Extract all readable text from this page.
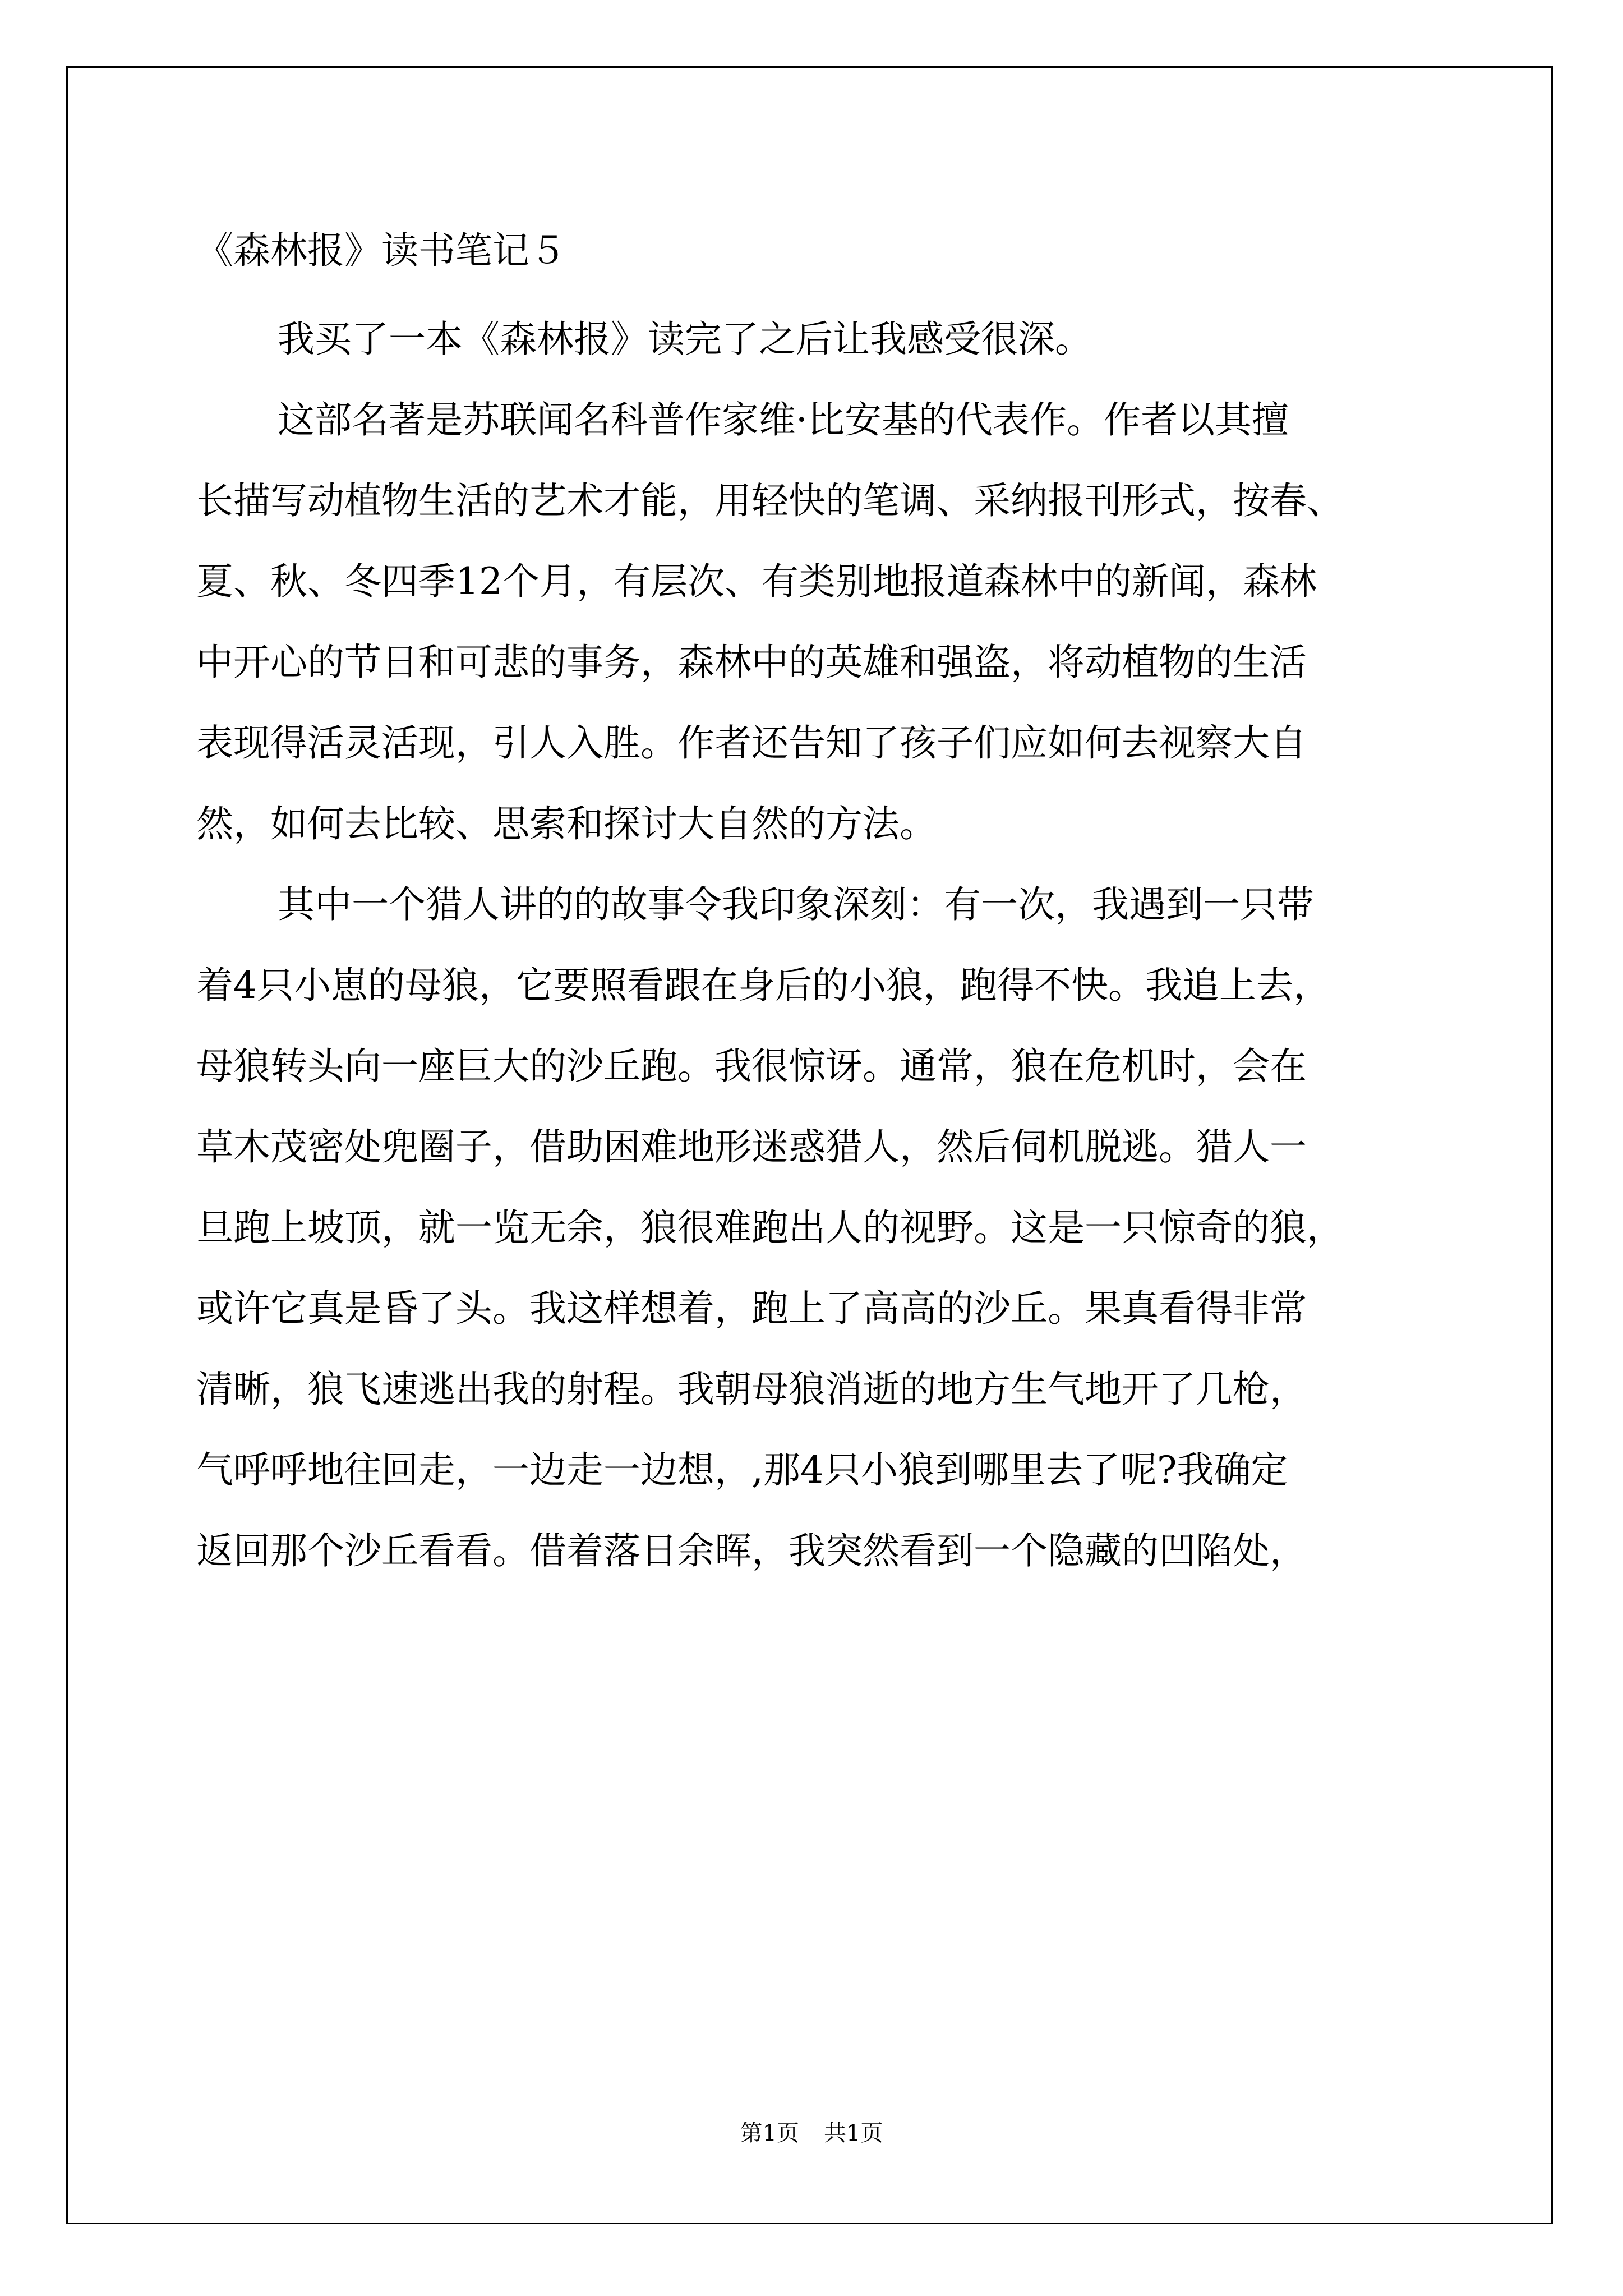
《森林报》读书笔记５
我买了一本《森林报》读完了之后让我感受很深。
这部名著是苏联闻名科普作家维·比安基的代表作。作者以其擅
长描写动植物生活的艺术才能，用轻快的笔调、采纳报刊形式，按春、
夏、秋、冬四季12个月，有层次、有类别地报道森林中的新闻，森林
中开心的节日和可悲的事务，森林中的英雄和强盗，将动植物的生活
表现得活灵活现，引人入胜。作者还告知了孩子们应如何去视察大自
然，如何去比较、思索和探讨大自然的方法。
其中一个猎人讲的的故事令我印象深刻：有一次，我遇到一只带
着4只小崽的母狼，它要照看跟在身后的小狼，跑得不快。我追上去，
母狼转头向一座巨大的沙丘跑。我很惊讶。通常，狼在危机时，会在
草木茂密处兜圈子，借助困难地形迷惑猎人，然后伺机脱逃。猎人一
旦跑上坡顶，就一览无余，狼很难跑出人的视野。这是一只惊奇的狼，
或许它真是昏了头。我这样想着，跑上了高高的沙丘。果真看得非常
清晰，狼飞速逃出我的射程。我朝母狼消逝的地方生气地开了几枪，
气呼呼地往回走，一边走一边想，,那4只小狼到哪里去了呢?我确定
返回那个沙丘看看。借着落日余晖，我突然看到一个隐藏的凹陷处，
第1页 共1页
